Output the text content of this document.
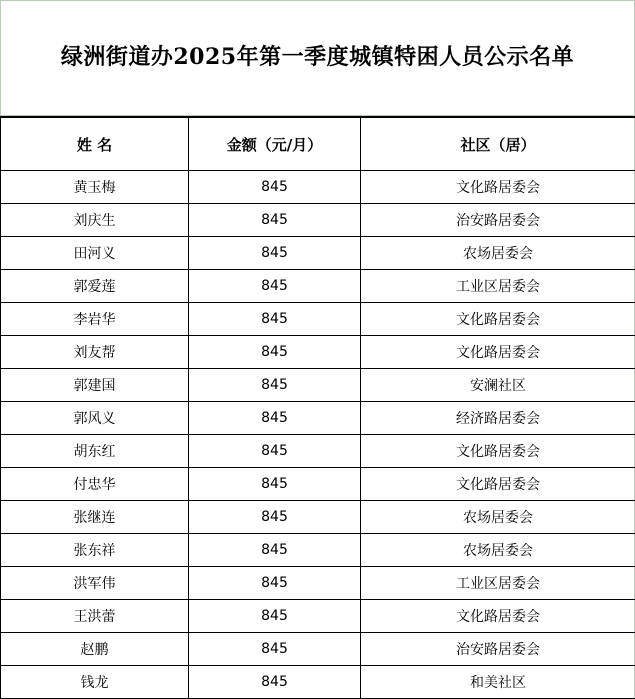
绿洲街道办2025年第一季度城镇特困人员公示名单
姓 名	金额（元/月）	社区（居）
黄玉梅	845	文化路居委会
刘庆生	845	治安路居委会
田河义	845	农场居委会
郭爱莲	845	工业区居委会
李岩华	845	文化路居委会
刘友帮	845	文化路居委会
郭建国	845	安澜社区
郭风义	845	经济路居委会
胡东红	845	文化路居委会
付忠华	845	文化路居委会
张继连	845	农场居委会
张东祥	845	农场居委会
洪军伟	845	工业区居委会
王洪蕾	845	文化路居委会
赵鹏	845	治安路居委会
钱龙	845	和美社区
